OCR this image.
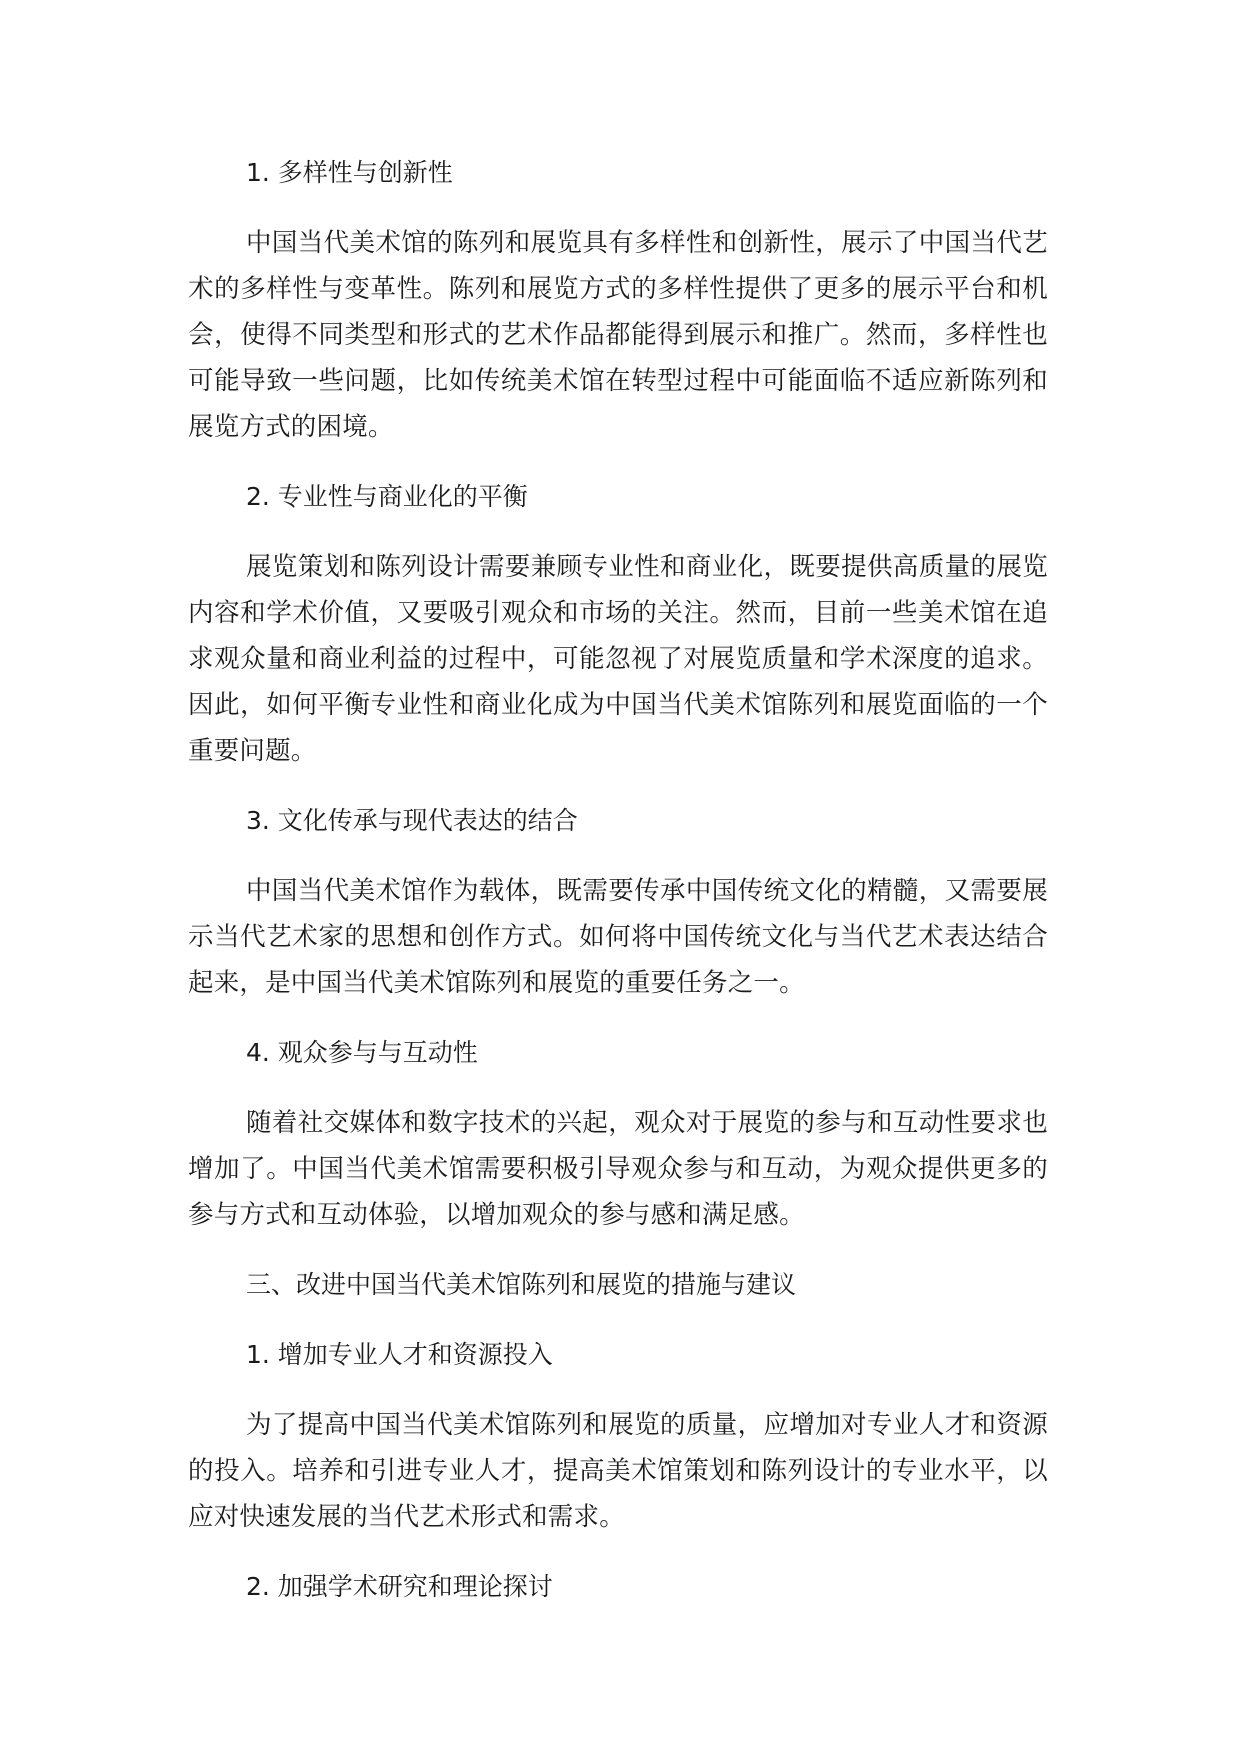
1. 多样性与创新性

中国当代美术馆的陈列和展览具有多样性和创新性，展示了中国当代艺术的多样性与变革性。陈列和展览方式的多样性提供了更多的展示平台和机会，使得不同类型和形式的艺术作品都能得到展示和推广。然而，多样性也可能导致一些问题，比如传统美术馆在转型过程中可能面临不适应新陈列和展览方式的困境。

2. 专业性与商业化的平衡

展览策划和陈列设计需要兼顾专业性和商业化，既要提供高质量的展览内容和学术价值，又要吸引观众和市场的关注。然而，目前一些美术馆在追求观众量和商业利益的过程中，可能忽视了对展览质量和学术深度的追求。因此，如何平衡专业性和商业化成为中国当代美术馆陈列和展览面临的一个重要问题。

3. 文化传承与现代表达的结合

中国当代美术馆作为载体，既需要传承中国传统文化的精髓，又需要展示当代艺术家的思想和创作方式。如何将中国传统文化与当代艺术表达结合起来，是中国当代美术馆陈列和展览的重要任务之一。

4. 观众参与与互动性

随着社交媒体和数字技术的兴起，观众对于展览的参与和互动性要求也增加了。中国当代美术馆需要积极引导观众参与和互动，为观众提供更多的参与方式和互动体验，以增加观众的参与感和满足感。

三、改进中国当代美术馆陈列和展览的措施与建议

1. 增加专业人才和资源投入

为了提高中国当代美术馆陈列和展览的质量，应增加对专业人才和资源的投入。培养和引进专业人才，提高美术馆策划和陈列设计的专业水平，以应对快速发展的当代艺术形式和需求。

2. 加强学术研究和理论探讨
